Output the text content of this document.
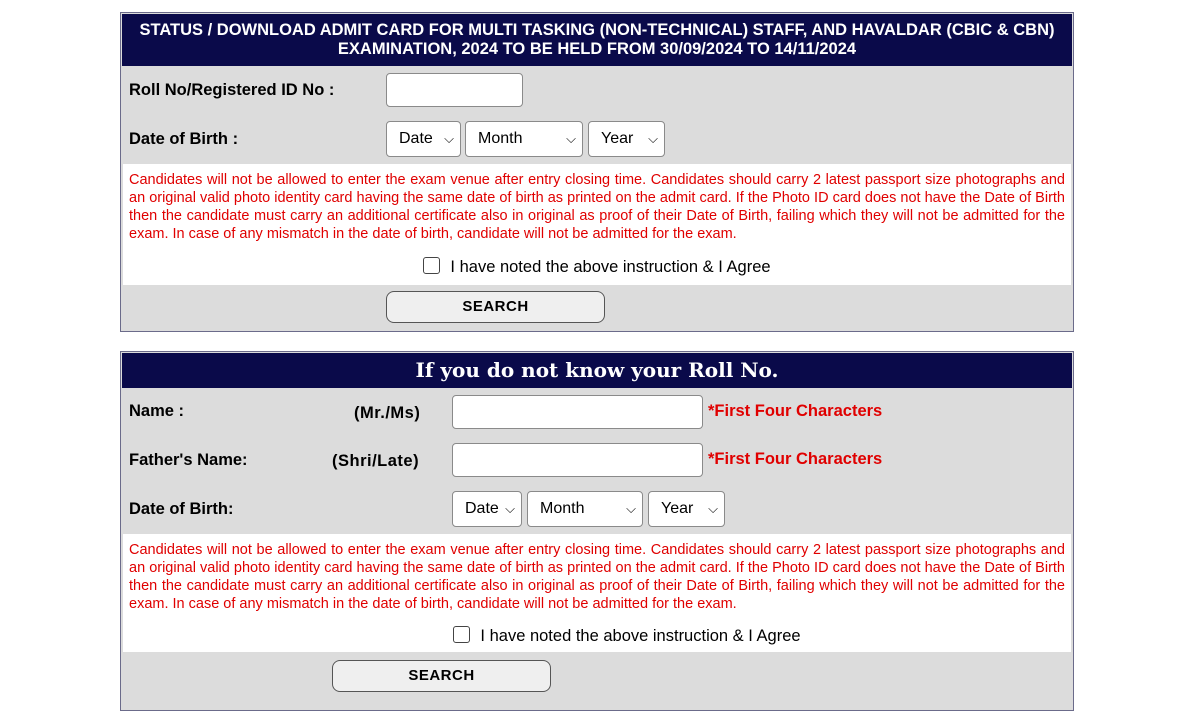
STATUS / DOWNLOAD ADMIT CARD FOR MULTI TASKING (NON-TECHNICAL) STAFF, AND HAVALDAR (CBIC & CBN)
EXAMINATION, 2024 TO BE HELD FROM 30/09/2024 TO 14/11/2024
Roll No/Registered ID No :
Date of Birth :	Date ⌵	Month	⌵	Year ⌵
Candidates will not be allowed to enter the exam venue after entry closing time. Candidates should carry 2 latest passport size photographs and an original valid photo identity card having the same date of birth as printed on the admit card. If the Photo ID card does not have the Date of Birth then the candidate must carry an additional certificate also in original as proof of their Date of Birth, failing which they will not be admitted for the exam. In case of any mismatch in the date of birth, candidate will not be admitted for the exam.
I have noted the above instruction & I Agree
SEARCH
If you do not know your Roll No.
Name :	(Mr./Ms)	*First Four Characters
Father's Name:	(Shri/Late)	*First Four Characters
Date of Birth:	Date ⌵	Month	⌵	Year ⌵
Candidates will not be allowed to enter the exam venue after entry closing time. Candidates should carry 2 latest passport size photographs and an original valid photo identity card having the same date of birth as printed on the admit card. If the Photo ID card does not have the Date of Birth then the candidate must carry an additional certificate also in original as proof of their Date of Birth, failing which they will not be admitted for the exam. In case of any mismatch in the date of birth, candidate will not be admitted for the exam.
I have noted the above instruction & I Agree
SEARCH
